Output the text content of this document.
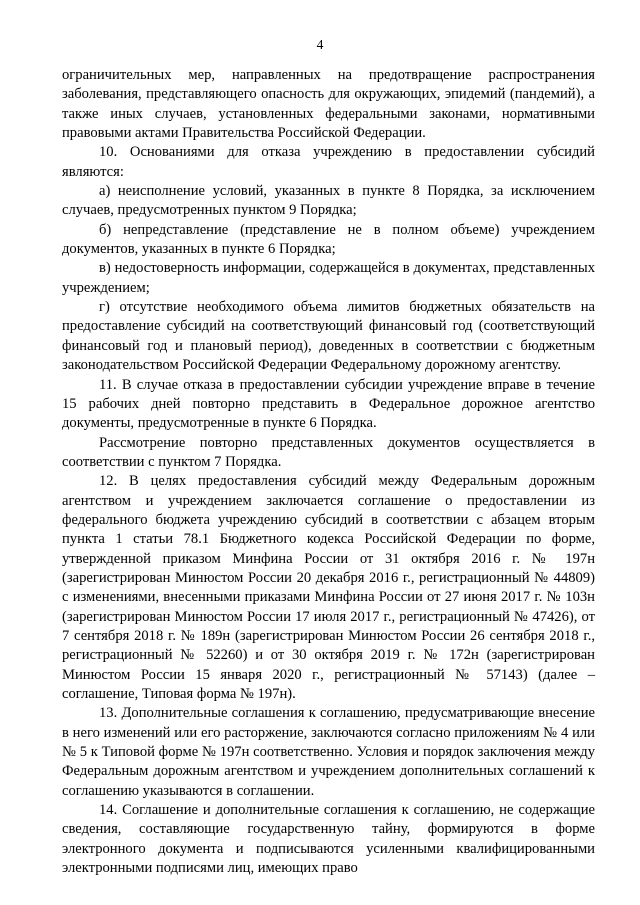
4

ограничительных мер, направленных на предотвращение распространения заболевания, представляющего опасность для окружающих, эпидемий (пандемий), а также иных случаев, установленных федеральными законами, нормативными правовыми актами Правительства Российской Федерации.

10. Основаниями для отказа учреждению в предоставлении субсидий являются:

а) неисполнение условий, указанных в пункте 8 Порядка, за исключением случаев, предусмотренных пунктом 9 Порядка;

б) непредставление (представление не в полном объеме) учреждением документов, указанных в пункте 6 Порядка;

в) недостоверность информации, содержащейся в документах, представленных учреждением;

г) отсутствие необходимого объема лимитов бюджетных обязательств на предоставление субсидий на соответствующий финансовый год (соответствующий финансовый год и плановый период), доведенных в соответствии с бюджетным законодательством Российской Федерации Федеральному дорожному агентству.

11. В случае отказа в предоставлении субсидии учреждение вправе в течение 15 рабочих дней повторно представить в Федеральное дорожное агентство документы, предусмотренные в пункте 6 Порядка.

Рассмотрение повторно представленных документов осуществляется в соответствии с пунктом 7 Порядка.

12. В целях предоставления субсидий между Федеральным дорожным агентством и учреждением заключается соглашение о предоставлении из федерального бюджета учреждению субсидий в соответствии с абзацем вторым пункта 1 статьи 78.1 Бюджетного кодекса Российской Федерации по форме, утвержденной приказом Минфина России от 31 октября 2016 г. № 197н (зарегистрирован Минюстом России 20 декабря 2016 г., регистрационный № 44809) с изменениями, внесенными приказами Минфина России от 27 июня 2017 г. № 103н (зарегистрирован Минюстом России 17 июля 2017 г., регистрационный № 47426), от 7 сентября 2018 г. № 189н (зарегистрирован Минюстом России 26 сентября 2018 г., регистрационный № 52260) и от 30 октября 2019 г. № 172н (зарегистрирован Минюстом России 15 января 2020 г., регистрационный № 57143) (далее – соглашение, Типовая форма № 197н).

13. Дополнительные соглашения к соглашению, предусматривающие внесение в него изменений или его расторжение, заключаются согласно приложениям № 4 или № 5 к Типовой форме № 197н соответственно. Условия и порядок заключения между Федеральным дорожным агентством и учреждением дополнительных соглашений к соглашению указываются в соглашении.

14. Соглашение и дополнительные соглашения к соглашению, не содержащие сведения, составляющие государственную тайну, формируются в форме электронного документа и подписываются усиленными квалифицированными электронными подписями лиц, имеющих право
